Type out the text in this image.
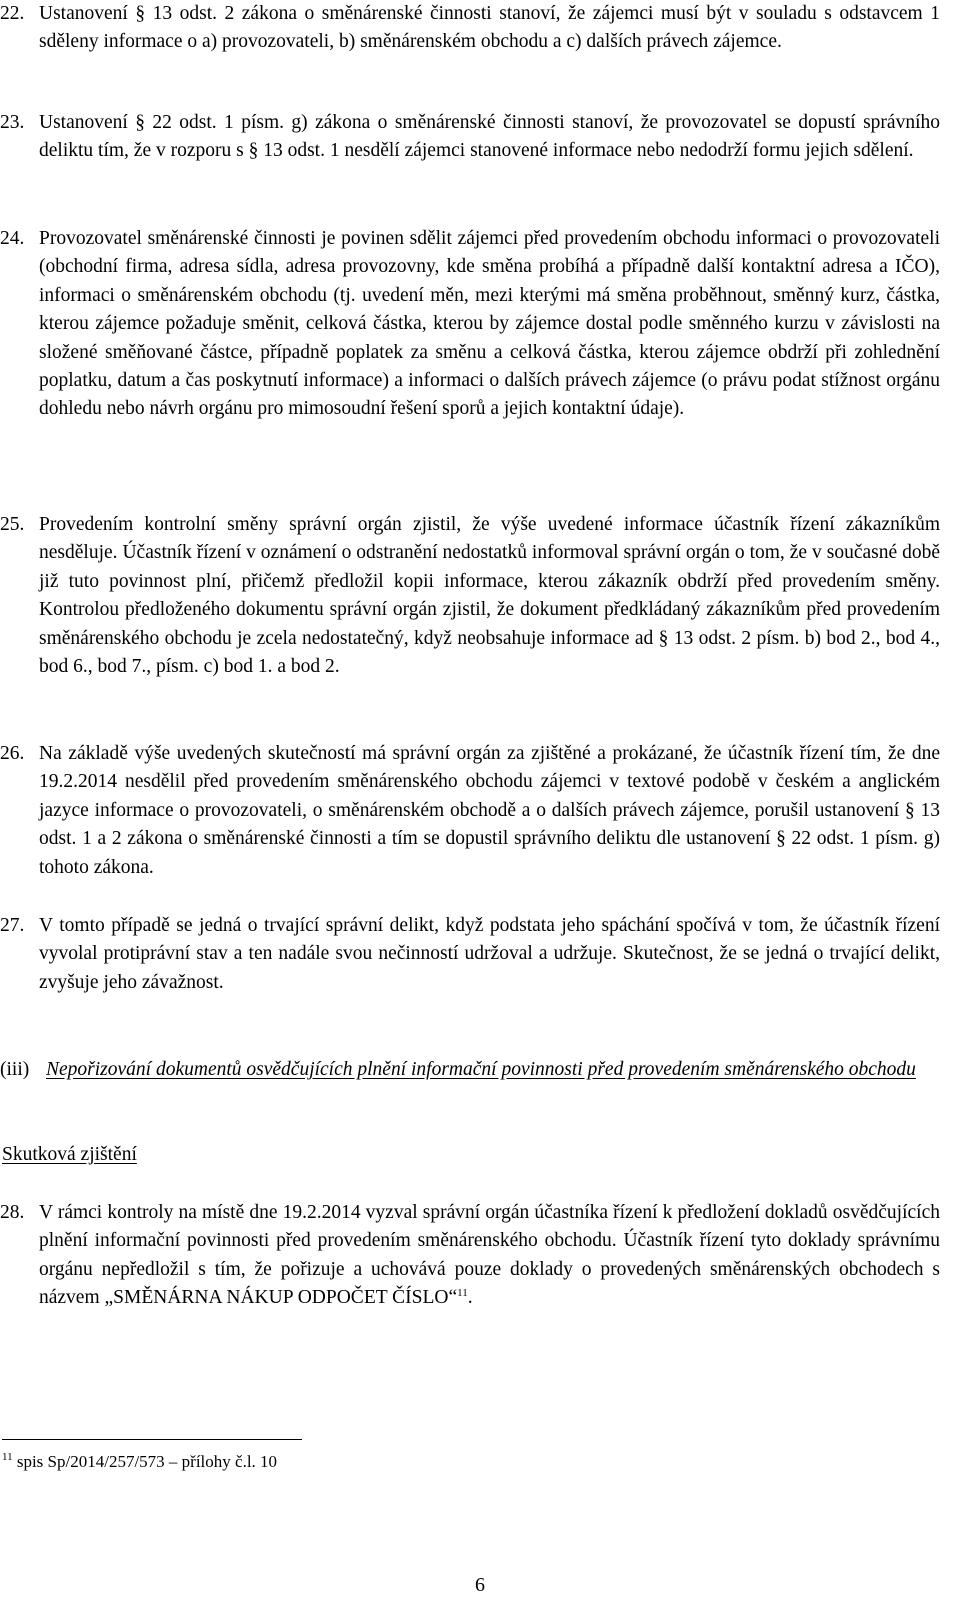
22. Ustanovení § 13 odst. 2 zákona o směnárenské činnosti stanoví, že zájemci musí být v souladu s odstavcem 1 sděleny informace o a) provozovateli, b) směnárenském obchodu a c) dalších právech zájemce.
23. Ustanovení § 22 odst. 1 písm. g) zákona o směnárenské činnosti stanoví, že provozovatel se dopustí správního deliktu tím, že v rozporu s § 13 odst. 1 nesdělí zájemci stanovené informace nebo nedodrží formu jejich sdělení.
24. Provozovatel směnárenské činnosti je povinen sdělit zájemci před provedením obchodu informaci o provozovateli (obchodní firma, adresa sídla, adresa provozovny, kde směna probíhá a případně další kontaktní adresa a IČO), informaci o směnárenském obchodu (tj. uvedení měn, mezi kterými má směna proběhnout, směnný kurz, částka, kterou zájemce požaduje směnit, celková částka, kterou by zájemce dostal podle směnného kurzu v závislosti na složené směňované částce, případně poplatek za směnu a celková částka, kterou zájemce obdrží při zohlednění poplatku, datum a čas poskytnutí informace) a informaci o dalších právech zájemce (o právu podat stížnost orgánu dohledu nebo návrh orgánu pro mimosoudní řešení sporů a jejich kontaktní údaje).
25. Provedením kontrolní směny správní orgán zjistil, že výše uvedené informace účastník řízení zákazníkům nesděluje. Účastník řízení v oznámení o odstranění nedostatků informoval správní orgán o tom, že v současné době již tuto povinnost plní, přičemž předložil kopii informace, kterou zákazník obdrží před provedením směny. Kontrolou předloženého dokumentu správní orgán zjistil, že dokument předkládaný zákazníkům před provedením směnárenského obchodu je zcela nedostatečný, když neobsahuje informace ad § 13 odst. 2 písm. b) bod 2., bod 4., bod 6., bod 7., písm. c) bod 1. a bod 2.
26. Na základě výše uvedených skutečností má správní orgán za zjištěné a prokázané, že účastník řízení tím, že dne 19.2.2014 nesdělil před provedením směnárenského obchodu zájemci v textové podobě v českém a anglickém jazyce informace o provozovateli, o směnárenském obchodě a o dalších právech zájemce, porušil ustanovení § 13 odst. 1 a 2 zákona o směnárenské činnosti a tím se dopustil správního deliktu dle ustanovení § 22 odst. 1 písm. g) tohoto zákona.
27. V tomto případě se jedná o trvající správní delikt, když podstata jeho spáchání spočívá v tom, že účastník řízení vyvolal protiprávní stav a ten nadále svou nečinností udržoval a udržuje. Skutečnost, že se jedná o trvající delikt, zvyšuje jeho závažnost.
(iii) Nepořizování dokumentů osvědčujících plnění informační povinnosti před provedením směnárenského obchodu
Skutková zjištění
28. V rámci kontroly na místě dne 19.2.2014 vyzval správní orgán účastníka řízení k předložení dokladů osvědčujících plnění informační povinnosti před provedením směnárenského obchodu. Účastník řízení tyto doklady správnímu orgánu nepředložil s tím, že pořizuje a uchovává pouze doklady o provedených směnárenských obchodech s názvem „SMĚNÁRNA NÁKUP ODPOČET ČÍSLO“$^{11}$.
$^{11}$ spis Sp/2014/257/573 – přílohy č.l. 10
6
